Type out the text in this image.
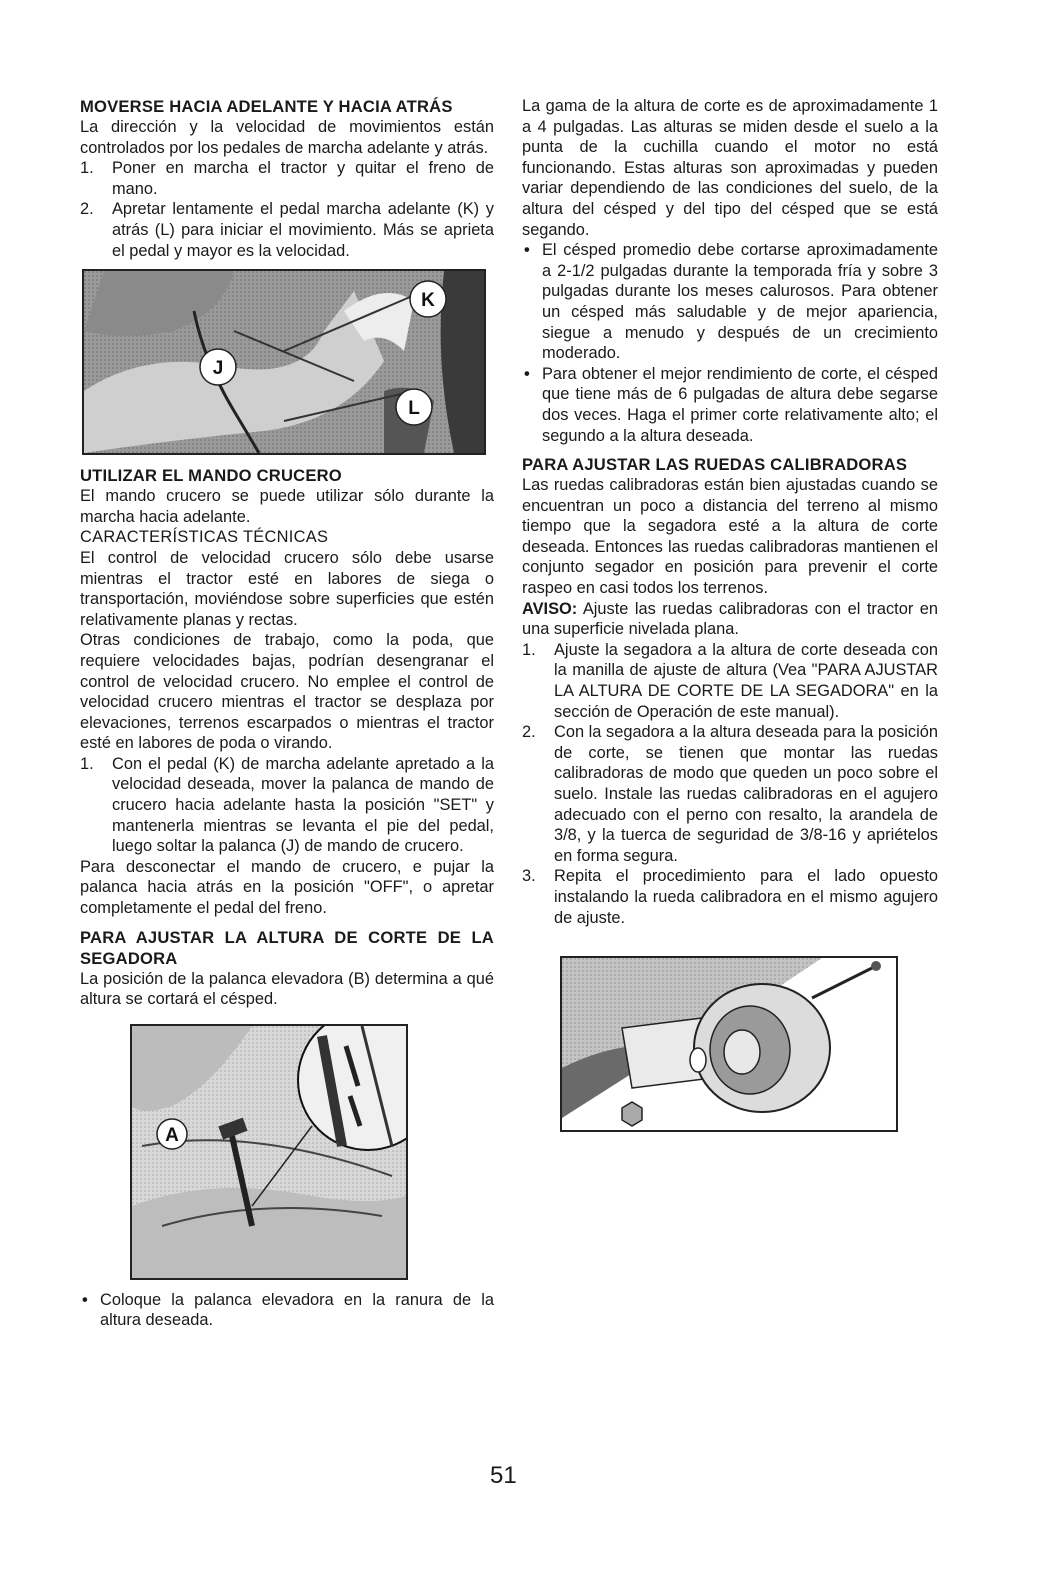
MOVERSE HACIA ADELANTE Y HACIA ATRÁS

La dirección y la velocidad de movimientos están controlados por los pedales de marcha adelante y atrás.

1. Poner en marcha el tractor y quitar el freno de mano.
2. Apretar lentamente el pedal marcha adelante (K) y atrás (L) para iniciar el movimiento. Más se aprieta el pedal y mayor es la velocidad.
K
J
L
UTILIZAR EL MANDO CRUCERO

El mando crucero se puede utilizar sólo durante la marcha hacia adelante.

CARACTERÍSTICAS TÉCNICAS

El control de velocidad crucero sólo debe usarse mientras el tractor esté en labores de siega o transportación, moviéndose sobre superficies que estén relativamente planas y rectas.

Otras condiciones de trabajo, como la poda, que requiere velocidades bajas, podrían desengranar el control de velocidad crucero. No emplee el control de velocidad crucero mientras el tractor se desplaza por elevaciones, terrenos escarpados o mientras el tractor esté en labores de poda o virando.

1. Con el pedal (K) de marcha adelante apretado a la velocidad deseada, mover la palanca de mando de crucero hacia adelante hasta la posición "SET" y mantenerla mientras se levanta el pie del pedal, luego soltar la palanca (J) de mando de crucero.

Para desconectar el mando de crucero, e pujar la palanca hacia atrás en la posición "OFF", o apretar completamente el pedal del freno.

PARA AJUSTAR LA ALTURA DE CORTE DE LA SEGADORA

La posición de la palanca elevadora (B) determina a qué altura se cortará el césped.

A
• Coloque la palanca elevadora en la ranura de la altura deseada.

La gama de la altura de corte es de aproximadamente 1 a 4 pulgadas. Las alturas se miden desde el suelo a la punta de la cuchilla cuando el motor no está funcionando. Estas alturas son aproximadas y pueden variar dependiendo de las condiciones del suelo, de la altura del césped y del tipo del césped que se está segando.

• El césped promedio debe cortarse aproximadamente a 2-1/2 pulgadas durante la temporada fría y sobre 3 pulgadas durante los meses calurosos. Para obtener un césped más saludable y de mejor apariencia, siegue a menudo y después de un crecimiento moderado.
• Para obtener el mejor rendimiento de corte, el césped que tiene más de 6 pulgadas de altura debe segarse dos veces. Haga el primer corte relativamente alto; el segundo a la altura deseada.
PARA AJUSTAR LAS RUEDAS CALIBRADORAS

Las ruedas calibradoras están bien ajustadas cuando se encuentran un poco a distancia del terreno al mismo tiempo que la segadora esté a la altura de corte deseada. Entonces las ruedas calibradoras mantienen el conjunto segador en posición para prevenir el corte raspeo en casi todos los terrenos.

AVISO: Ajuste las ruedas calibradoras con el tractor en una superficie nivelada plana.

1. Ajuste la segadora a la altura de corte deseada con la manilla de ajuste de altura (Vea "PARA AJUSTAR LA ALTURA DE CORTE DE LA SEGADORA" en la sección de Operación de este manual).
2. Con la segadora a la altura deseada para la posición de corte, se tienen que montar las ruedas calibradoras de modo que queden un poco sobre el suelo. Instale las ruedas calibradoras en el agujero adecuado con el perno con resalto, la arandela de 3/8, y la tuerca de seguridad de 3/8-16 y apriételos en forma segura.
3. Repita el procedimiento para el lado opuesto instalando la rueda calibradora en el mismo agujero de ajuste.
51
